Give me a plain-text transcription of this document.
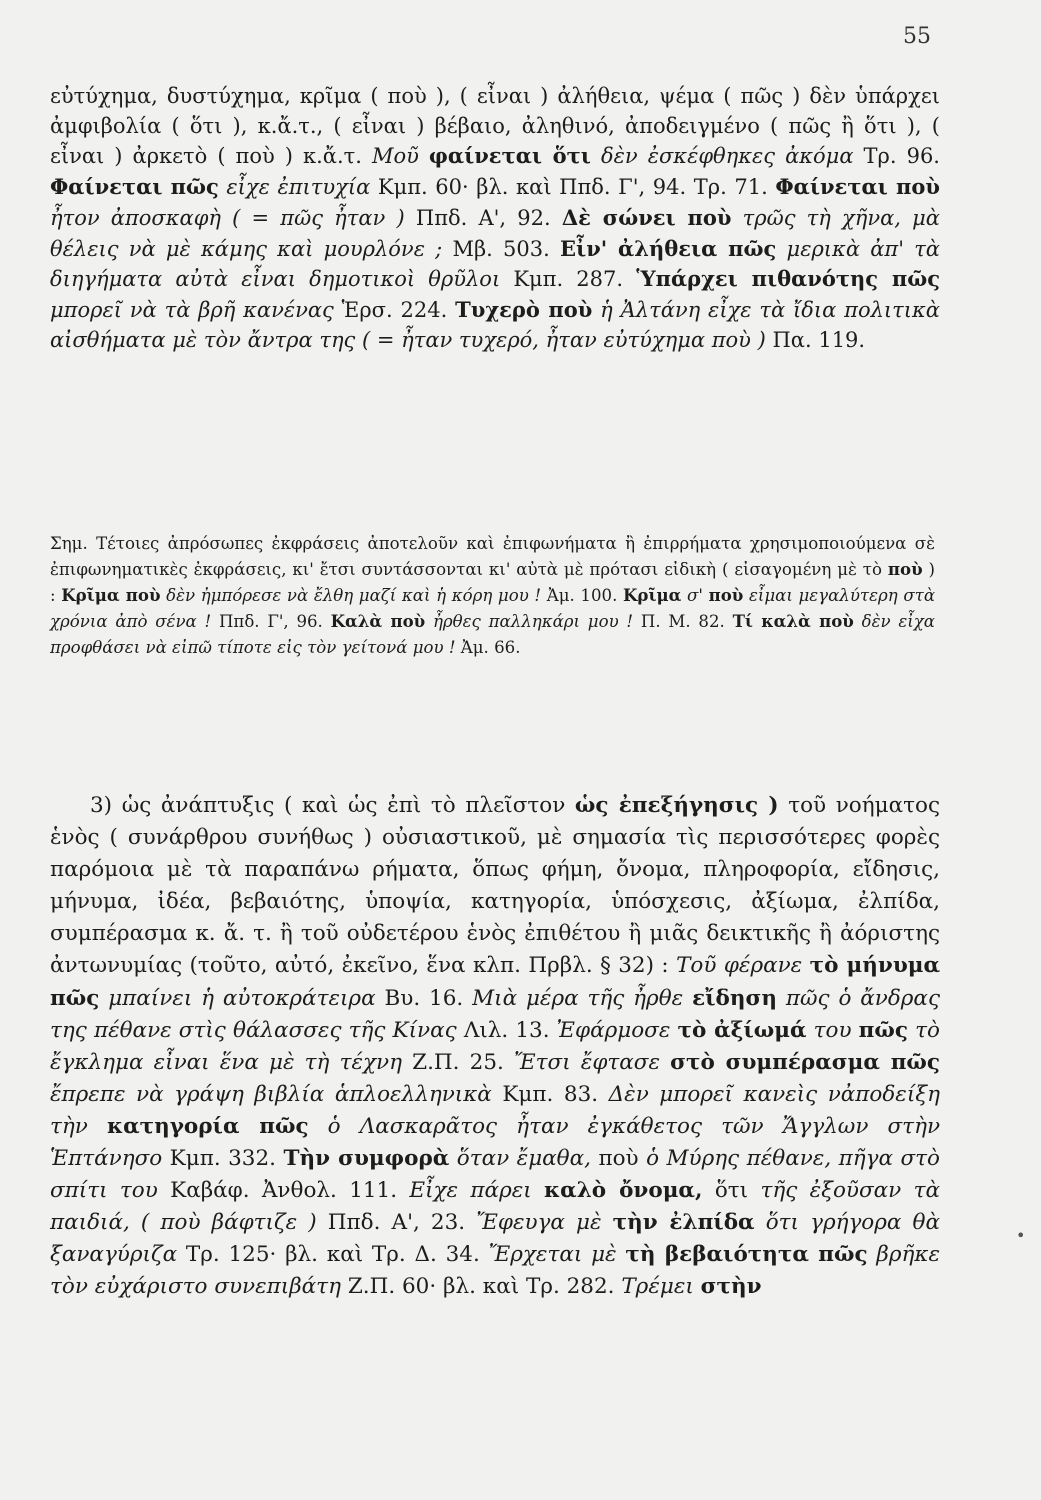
55
εὐτύχημα, δυστύχημα, κρῖμα ( ποὺ ), ( εἶναι ) ἀλήθεια, ψέμα ( πῶς ) δὲν ὑπάρχει ἀμφιβολία ( ὅτι ), κ.ἄ.τ., ( εἶναι ) βέβαιο, ἀληθινό, ἀποδειγμένο ( πῶς ἢ ὅτι ), ( εἶναι ) ἀρκετὸ ( ποὺ ) κ.ἄ.τ. Μοῦ φαίνεται ὅτι δὲν ἐσκέφθηκες ἀκόμα Τρ. 96. Φαίνεται πῶς εἶχε ἐπιτυχία Κμπ. 60· βλ. καὶ Ππδ. Γ', 94. Τρ. 71. Φαίνεται ποὺ ἦτον ἀποσκαφὴ ( = πῶς ἦταν ) Ππδ. Α', 92. Δὲ σώνει ποὺ τρῶς τὴ χῆνα, μὰ θέλεις νὰ μὲ κάμης καὶ μουρλόνε ; Μβ. 503. Εἶν' ἀλήθεια πῶς μερικὰ ἀπ' τὰ διηγήματα αὐτὰ εἶναι δημοτικοὶ θρῦλοι Κμπ. 287. Ὑπάρχει πιθανότης πῶς μπορεῖ νὰ τὰ βρῆ κανένας Ἑρσ. 224. Τυχερὸ ποὺ ἡ Ἀλτάνη εἶχε τὰ ἴδια πολιτικὰ αἰσθήματα μὲ τὸν ἄντρα της ( = ἦταν τυχερό, ἦταν εὐτύχημα ποὺ ) Πα. 119.
Σημ. Τέτοιες ἀπρόσωπες ἐκφράσεις ἀποτελοῦν καὶ ἐπιφωνήματα ἢ ἐπιρρήματα χρησιμοποιούμενα σὲ ἐπιφωνηματικὲς ἐκφράσεις, κι' ἔτσι συντάσσονται κι' αὐτὰ μὲ πρότασι εἰδικὴ ( εἰσαγομένη μὲ τὸ ποὺ ) : Κρῖμα ποὺ δὲν ἠμπόρεσε νὰ ἔλθη μαζί καὶ ἡ κόρη μου ! Ἀμ. 100. Κρῖμα σ' ποὺ εἶμαι μεγαλύτερη στὰ χρόνια ἀπὸ σένα ! Ππδ. Γ', 96. Καλὰ ποὺ ἦρθες παλληκάρι μου ! Π. Μ. 82. Τί καλὰ ποὺ δὲν εἶχα προφθάσει νὰ εἰπῶ τίποτε εἰς τὸν γείτονά μου ! Ἀμ. 66.
3) ὡς ἀνάπτυξις ( καὶ ὡς ἐπὶ τὸ πλεῖστον ὡς ἐπεξήγησις ) τοῦ νοήματος ἑνὸς ( συνάρθρου συνήθως ) οὐσιαστικοῦ, μὲ σημασία τὶς περισσότερες φορὲς παρόμοια μὲ τὰ παραπάνω ρήματα, ὅπως φήμη, ὄνομα, πληροφορία, εἴδησις, μήνυμα, ἰδέα, βεβαιότης, ὑποψία, κατηγορία, ὑπόσχεσις, ἀξίωμα, ἐλπίδα, συμπέρασμα κ. ἄ. τ. ἢ τοῦ οὐδετέρου ἑνὸς ἐπιθέτου ἢ μιᾶς δεικτικῆς ἢ ἀόριστης ἀντωνυμίας (τοῦτο, αὐτό, ἐκεῖνο, ἕνα κλπ. Πρβλ. § 32) : Τοῦ φέρανε τὸ μήνυμα πῶς μπαίνει ἡ αὐτοκράτειρα Βυ. 16. Μιὰ μέρα τῆς ἦρθε εἴδηση πῶς ὁ ἄνδρας της πέθανε στὶς θάλασσες τῆς Κίνας Λιλ. 13. Ἐφάρμοσε τὸ ἀξίωμά του πῶς τὸ ἔγκλημα εἶναι ἕνα μὲ τὴ τέχνη Ζ.Π. 25. Ἔτσι ἔφτασε στὸ συμπέρασμα πῶς ἔπρεπε νὰ γράψη βιβλία ἁπλοελληνικὰ Κμπ. 83. Δὲν μπορεῖ κανεὶς νἀποδείξη τὴν κατηγορία πῶς ὁ Λασκαρᾶτος ἦταν ἐγκάθετος τῶν Ἄγγλων στὴν Ἑπτάνησο Κμπ. 332. Τὴν συμφορὰ ὅταν ἔμαθα, ποὺ ὁ Μύρης πέθανε, πῆγα στὸ σπίτι του Καβάφ. Ἀνθολ. 111. Εἶχε πάρει καλὸ ὄνομα, ὅτι τῆς ἐξοῦσαν τὰ παιδιά, ( ποὺ βάφτιζε ) Ππδ. Α', 23. Ἔφευγα μὲ τὴν ἐλπίδα ὅτι γρήγορα θὰ ξαναγύριζα Τρ. 125· βλ. καὶ Τρ. Δ. 34. Ἔρχεται μὲ τὴ βεβαιότητα πῶς βρῆκε τὸν εὐχάριστο συνεπιβάτη Ζ.Π. 60· βλ. καὶ Τρ. 282. Τρέμει στὴν
•
